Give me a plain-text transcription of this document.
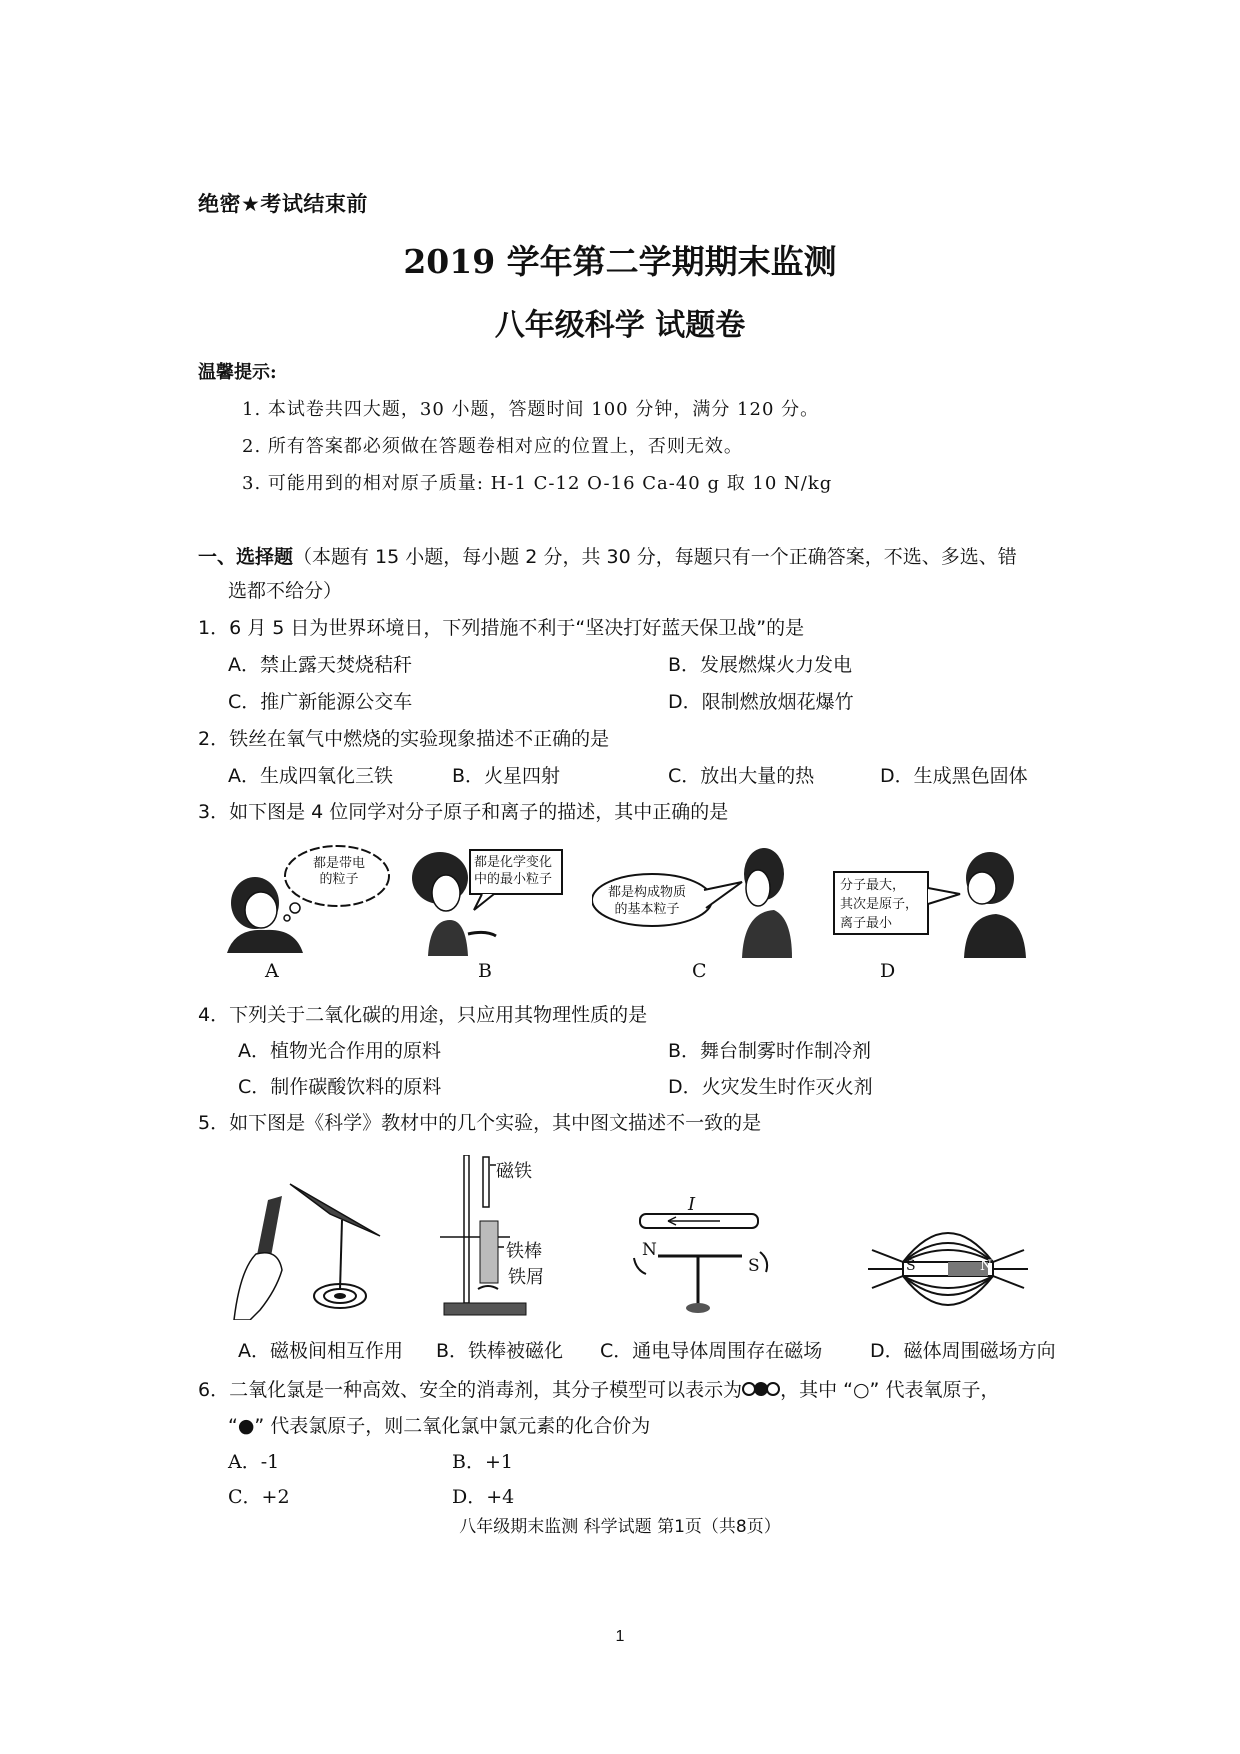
绝密★考试结束前
2019 学年第二学期期末监测
八年级科学 试题卷
温馨提示:
1. 本试卷共四大题，30 小题，答题时间 100 分钟，满分 120 分。
2. 所有答案都必须做在答题卷相对应的位置上，否则无效。
3. 可能用到的相对原子质量: H-1 C-12 O-16 Ca-40 g 取 10 N/kg
一、选择题（本题有 15 小题，每小题 2 分，共 30 分，每题只有一个正确答案，不选、多选、错
选都不给分）
1．6 月 5 日为世界环境日，下列措施不利于“坚决打好蓝天保卫战”的是
A．禁止露天焚烧秸秆	B．发展燃煤火力发电
C．推广新能源公交车	D．限制燃放烟花爆竹
2．铁丝在氧气中燃烧的实验现象描述不正确的是
A．生成四氧化三铁	B．火星四射	C．放出大量的热	D．生成黑色固体
3．如下图是 4 位同学对分子原子和离子的描述，其中正确的是
都是带电
的粒子
A
都是化学变化
中的最小粒子
B
都是构成物质
的基本粒子
C
分子最大，
其次是原子，
离子最小
D
4．下列关于二氧化碳的用途，只应用其物理性质的是
A．植物光合作用的原料	B．舞台制雾时作制冷剂
C．制作碳酸饮料的原料	D．火灾发生时作灭火剂
5．如下图是《科学》教材中的几个实验，其中图文描述不一致的是
磁铁
铁棒
铁屑
I
N
S	S	N
A．磁极间相互作用 B．铁棒被磁化 C．通电导体周围存在磁场	D．磁体周围磁场方向
6．二氧化氯是一种高效、安全的消毒剂，其分子模型可以表示为 ，其中 “○” 代表氧原子，
“●” 代表氯原子，则二氧化氯中氯元素的化合价为
A．-1	B．+1
C．+2	D．+4
八年级期末监测 科学试题 第1页（共8页）
1
